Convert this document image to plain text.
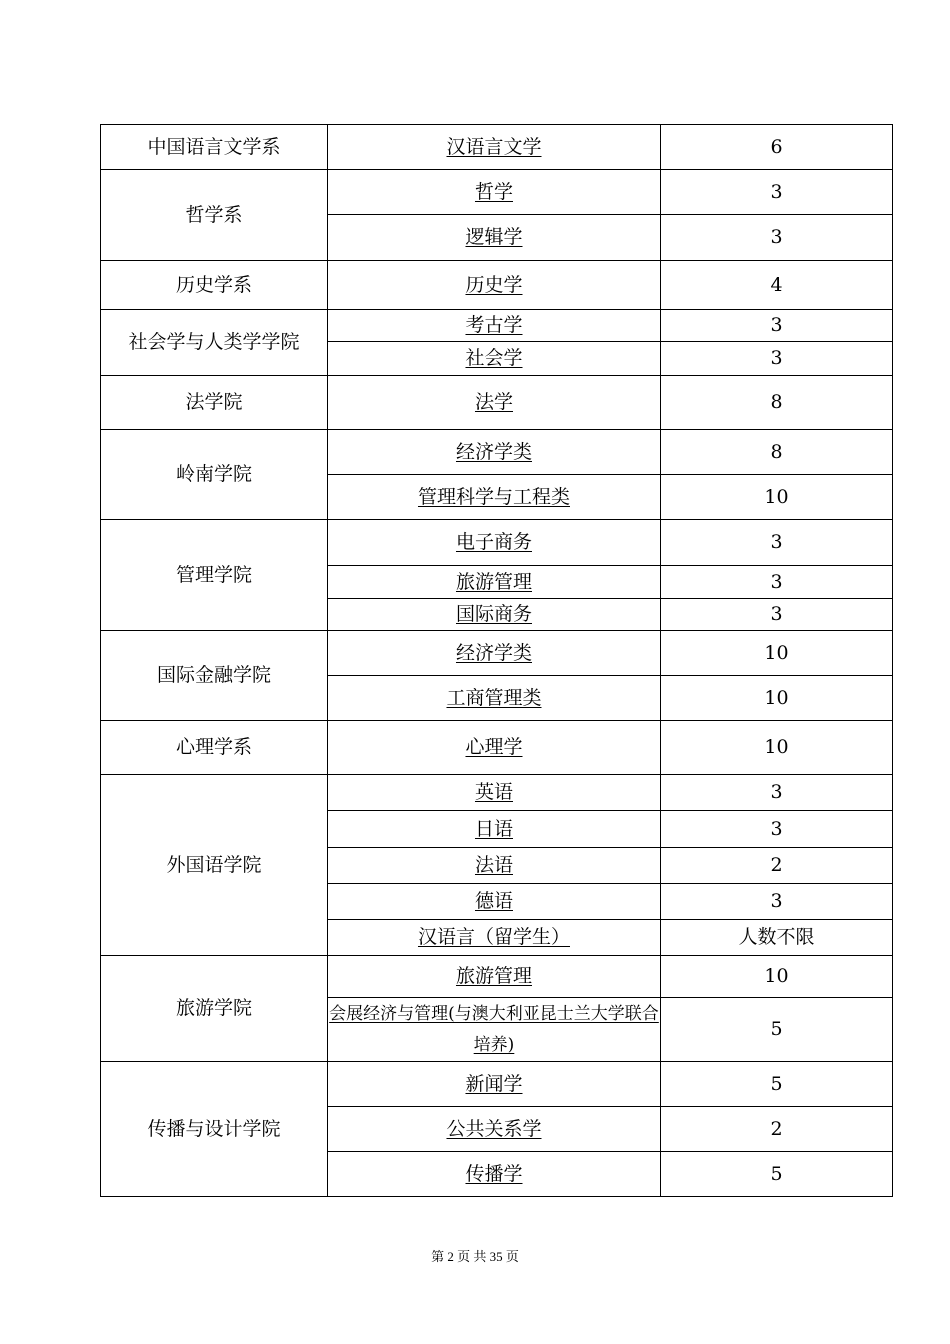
中国语言文学系	汉语言文学	6
哲学系	哲学	3
	逻辑学	3
历史学系	历史学	4
社会学与人类学学院	考古学	3
	社会学	3
法学院	法学	8
岭南学院	经济学类	8
	管理科学与工程类	10
管理学院	电子商务	3
	旅游管理	3
	国际商务	3
国际金融学院	经济学类	10
	工商管理类	10
心理学系	心理学	10
外国语学院	英语	3
	日语	3
	法语	2
	德语	3
	汉语言（留学生）	人数不限
旅游学院	旅游管理	10
	会展经济与管理(与澳大利亚昆士兰大学联合培养)	5
传播与设计学院	新闻学	5
	公共关系学	2
	传播学	5
第 2 页 共 35 页
